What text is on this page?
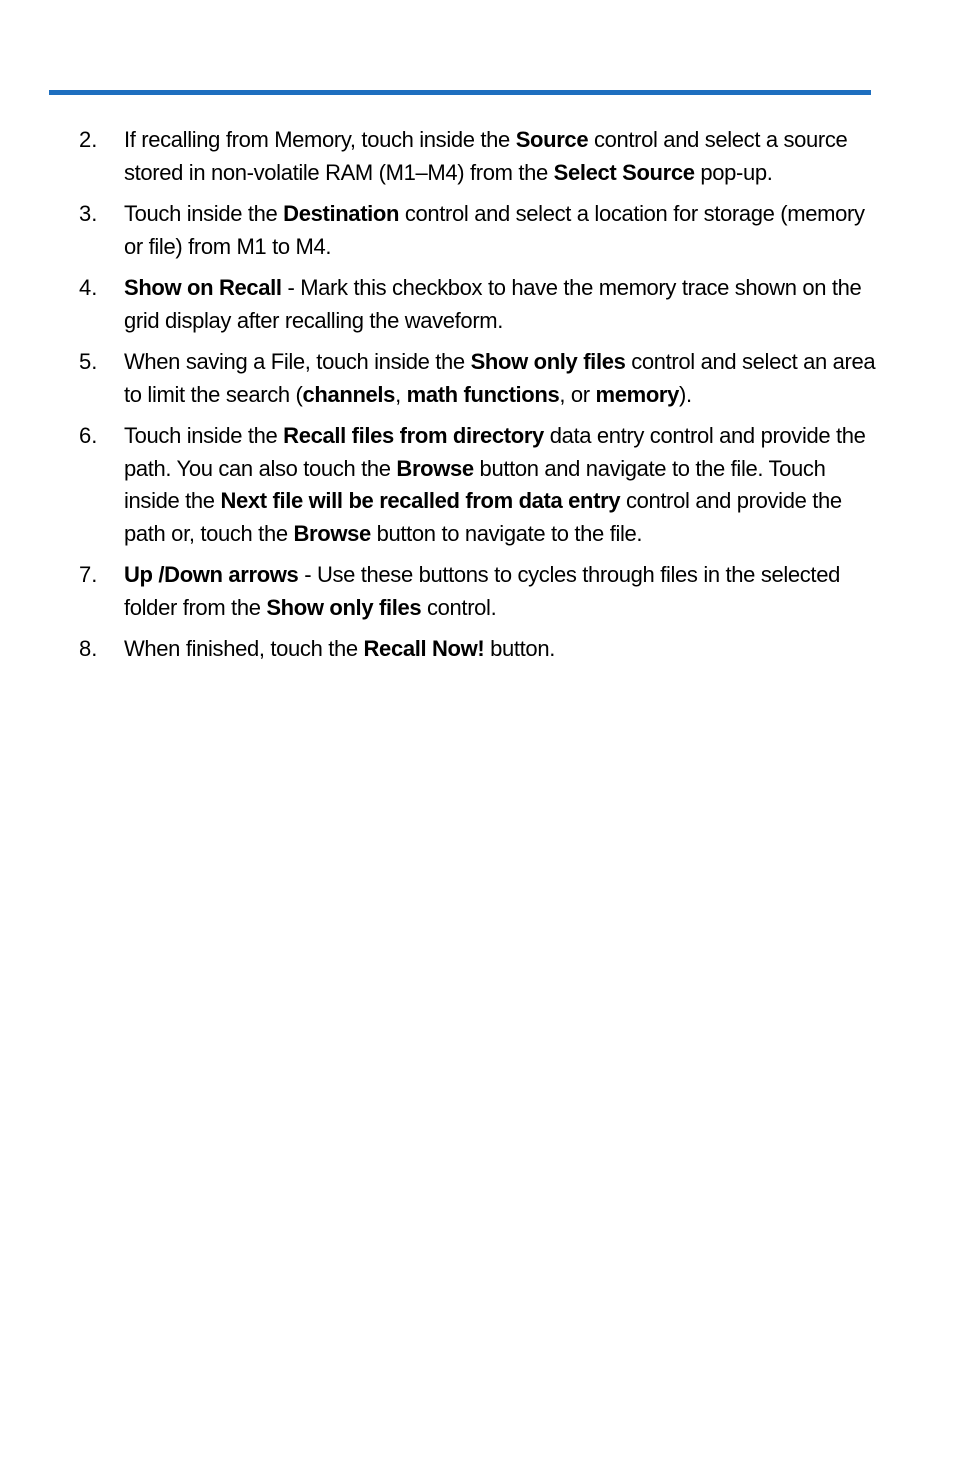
2.	If recalling from Memory, touch inside the Source control and select a source stored in non-volatile RAM (M1–M4) from the Select Source pop-up.
3.	Touch inside the Destination control and select a location for storage (memory or file) from M1 to M4.
4.	Show on Recall - Mark this checkbox to have the memory trace shown on the grid display after recalling the waveform.
5.	When saving a File, touch inside the Show only files control and select an area to limit the search (channels, math functions, or memory).
6.	Touch inside the Recall files from directory data entry control and provide the path. You can also touch the Browse button and navigate to the file. Touch inside the Next file will be recalled from data entry control and provide the path or, touch the Browse button to navigate to the file.
7.	Up /Down arrows - Use these buttons to cycles through files in the selected folder from the Show only files control.
8.	When finished, touch the Recall Now! button.
